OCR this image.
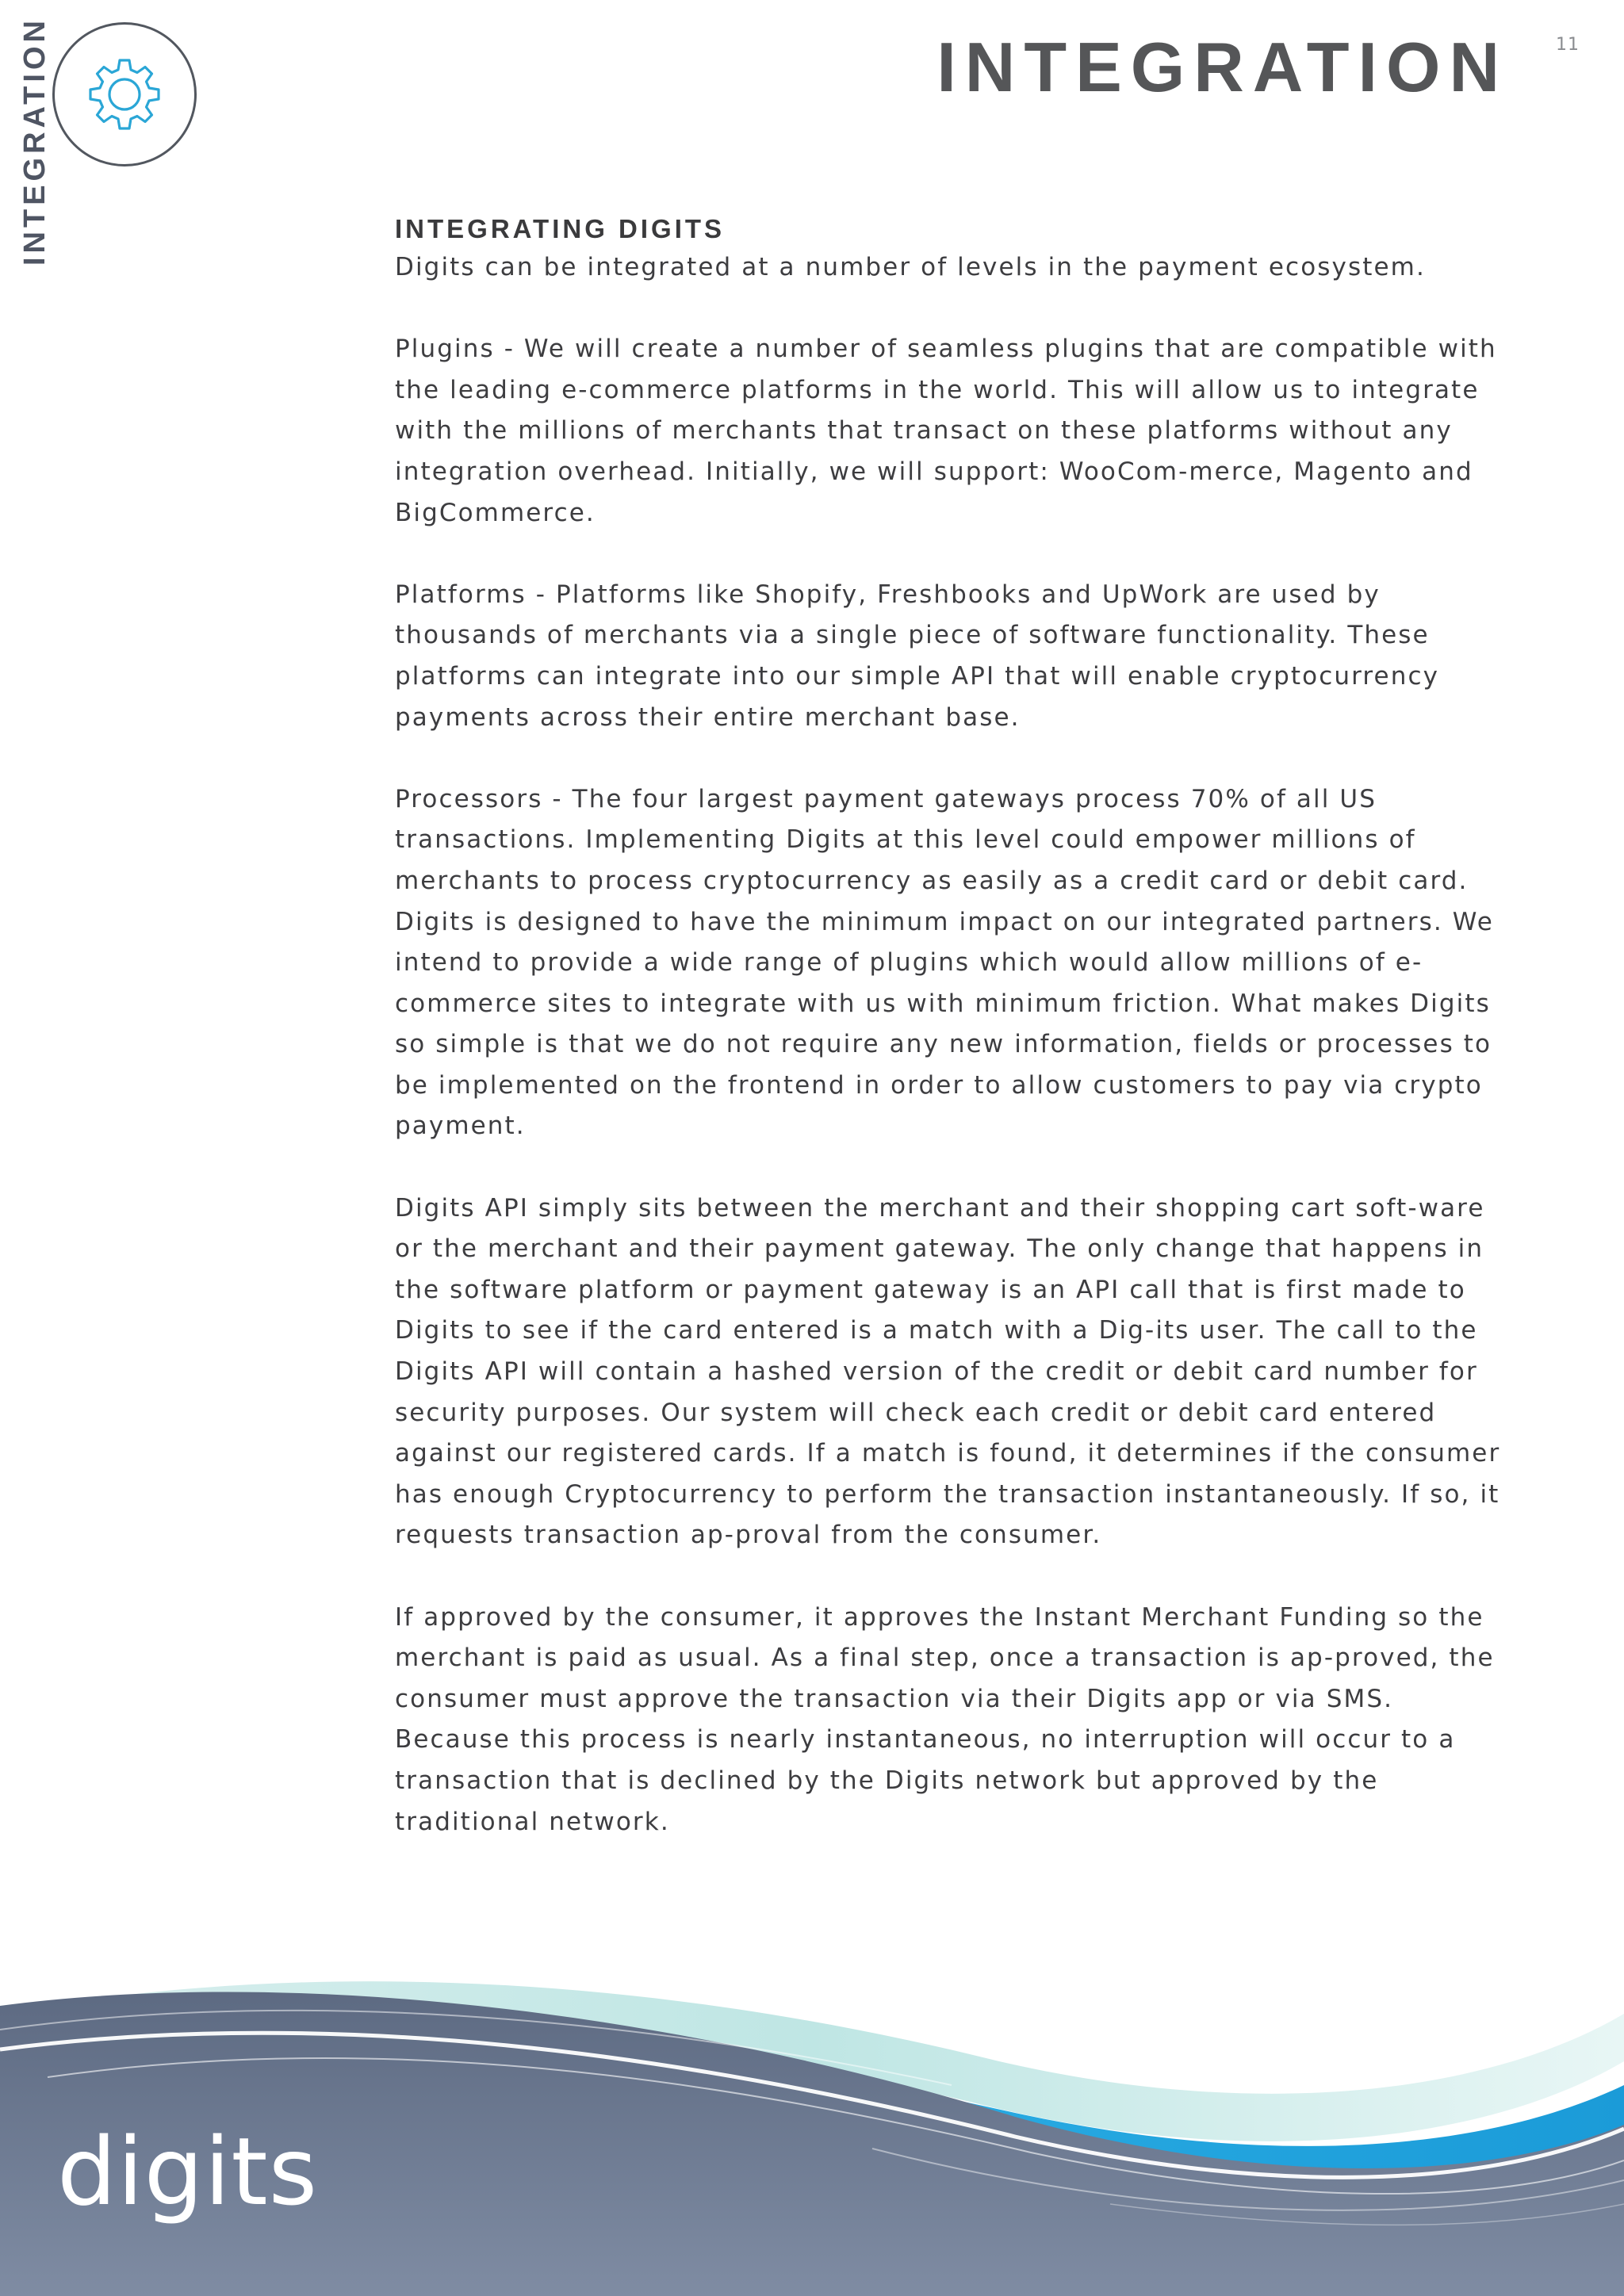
INTEGRATION	INTEGRATION	11
INTEGRATING DIGITS

Digits can be integrated at a number of levels in the payment ecosystem.

Plugins - We will create a number of seamless plugins that are compatible with the leading e-commerce platforms in the world. This will allow us to integrate with the millions of merchants that transact on these platforms without any integration overhead. Initially, we will support: WooCom-merce, Magento and BigCommerce.

Platforms - Platforms like Shopify, Freshbooks and UpWork are used by thousands of merchants via a single piece of software functionality. These platforms can integrate into our simple API that will enable cryptocurrency payments across their entire merchant base.

Processors - The four largest payment gateways process 70% of all US transactions. Implementing Digits at this level could empower millions of merchants to process cryptocurrency as easily as a credit card or debit card.

Digits is designed to have the minimum impact on our integrated partners. We intend to provide a wide range of plugins which would allow millions of e-commerce sites to integrate with us with minimum friction. What makes Digits so simple is that we do not require any new information, fields or processes to be implemented on the frontend in order to allow customers to pay via crypto payment.

Digits API simply sits between the merchant and their shopping cart soft-ware or the merchant and their payment gateway. The only change that happens in the software platform or payment gateway is an API call that is first made to Digits to see if the card entered is a match with a Dig-its user. The call to the Digits API will contain a hashed version of the credit or debit card number for security purposes. Our system will check each credit or debit card entered against our registered cards. If a match is found, it determines if the consumer has enough Cryptocurrency to perform the transaction instantaneously. If so, it requests transaction ap-proval from the consumer.

If approved by the consumer, it approves the Instant Merchant Funding so the merchant is paid as usual. As a final step, once a transaction is ap-proved, the consumer must approve the transaction via their Digits app or via SMS. Because this process is nearly instantaneous, no interruption will occur to a transaction that is declined by the Digits network but approved by the traditional network.

digits
